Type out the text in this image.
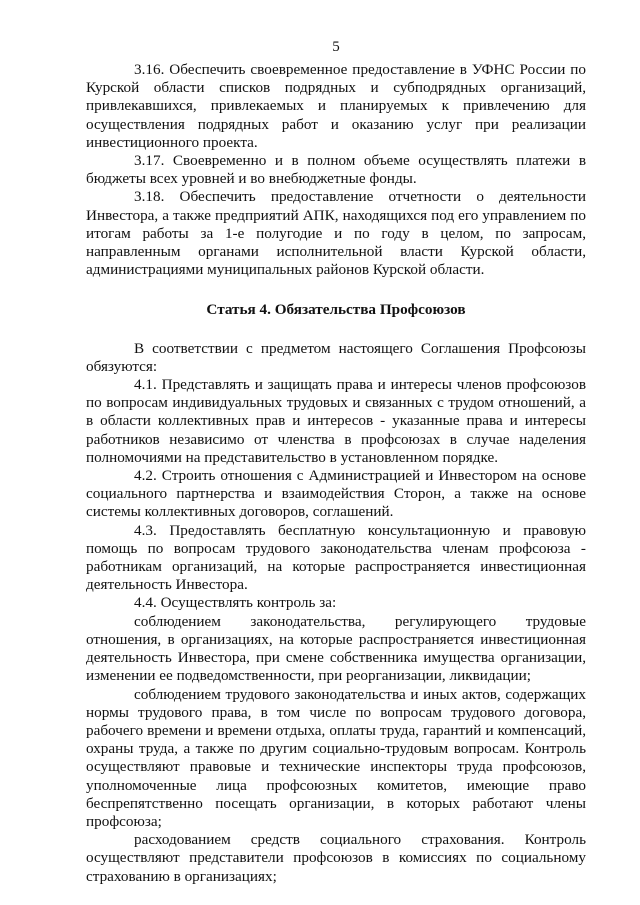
5

3.16. Обеспечить своевременное предоставление в УФНС России по Курской области списков подрядных и субподрядных организаций, привлекавшихся, привлекаемых и планируемых к привлечению для осуществления подрядных работ и оказанию услуг при реализации инвестиционного проекта.

3.17. Своевременно и в полном объеме осуществлять платежи в бюджеты всех уровней и во внебюджетные фонды.

3.18. Обеспечить предоставление отчетности о деятельности Инвестора, а также предприятий АПК, находящихся под его управлением по итогам работы за 1-е полугодие и по году в целом, по запросам, направленным органами исполнительной власти Курской области, администрациями муниципальных районов Курской области.

Статья 4. Обязательства Профсоюзов

В соответствии с предметом настоящего Соглашения Профсоюзы обязуются:

4.1. Представлять и защищать права и интересы членов профсоюзов по вопросам индивидуальных трудовых и связанных с трудом отношений, а в области коллективных прав и интересов - указанные права и интересы работников независимо от членства в профсоюзах в случае наделения полномочиями на представительство в установленном порядке.

4.2. Строить отношения с Администрацией и Инвестором на основе социального партнерства и взаимодействия Сторон, а также на основе системы коллективных договоров, соглашений.

4.3. Предоставлять бесплатную консультационную и правовую помощь по вопросам трудового законодательства членам профсоюза - работникам организаций, на которые распространяется инвестиционная деятельность Инвестора.

4.4. Осуществлять контроль за:

соблюдением законодательства, регулирующего трудовые отношения, в организациях, на которые распространяется инвестиционная деятельность Инвестора, при смене собственника имущества организации, изменении ее подведомственности, при реорганизации, ликвидации;

соблюдением трудового законодательства и иных актов, содержащих нормы трудового права, в том числе по вопросам трудового договора, рабочего времени и времени отдыха, оплаты труда, гарантий и компенсаций, охраны труда, а также по другим социально-трудовым вопросам. Контроль осуществляют правовые и технические инспекторы труда профсоюзов, уполномоченные лица профсоюзных комитетов, имеющие право беспрепятственно посещать организации, в которых работают члены профсоюза;

расходованием средств социального страхования. Контроль осуществляют представители профсоюзов в комиссиях по социальному страхованию в организациях;
